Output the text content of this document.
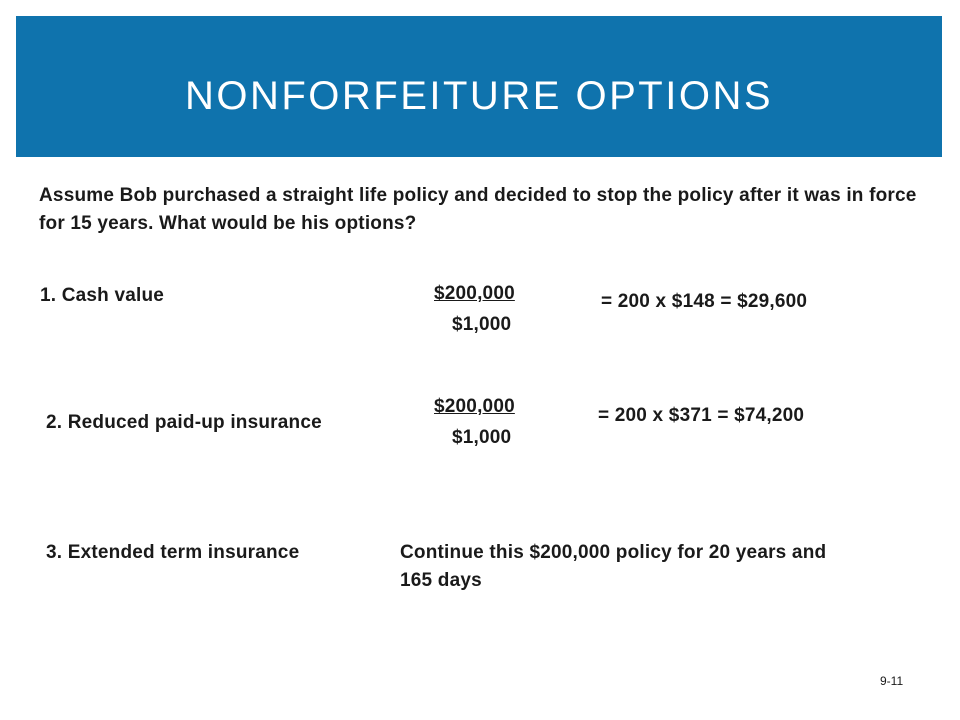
NONFORFEITURE OPTIONS
Assume Bob purchased a straight life policy and decided to stop the policy after it was in force for 15 years. What would be his options?
1. Cash value	$200,000
$1,000
= 200 x $148 = $29,600
2. Reduced paid-up insurance
$200,000
$1,000
= 200 x $371 = $74,200
3. Extended term insurance	Continue this $200,000 policy for 20 years and 165 days
9-11
